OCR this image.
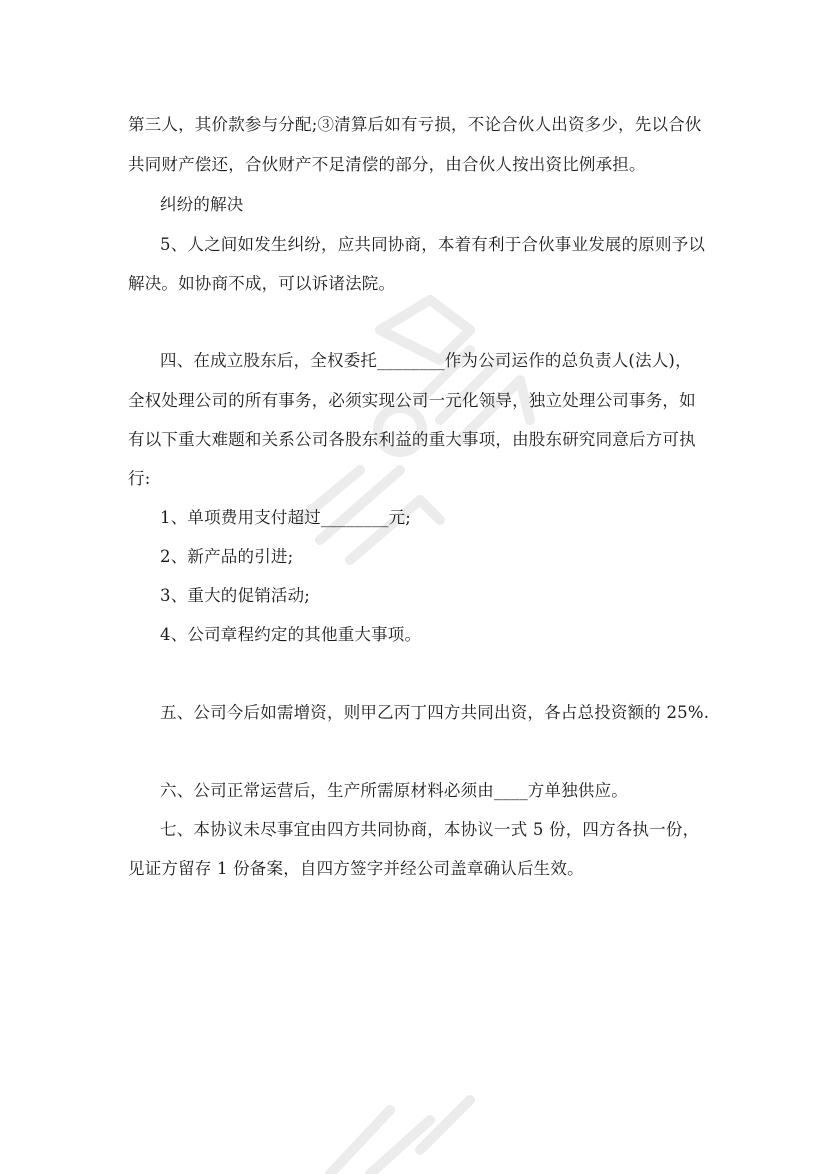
第三人，其价款参与分配;③清算后如有亏损，不论合伙人出资多少，先以合伙
共同财产偿还，合伙财产不足清偿的部分，由合伙人按出资比例承担。
纠纷的解决
5、人之间如发生纠纷，应共同协商，本着有利于合伙事业发展的原则予以
解决。如协商不成，可以诉诸法院。
四、在成立股东后，全权委托________作为公司运作的总负责人(法人)，
全权处理公司的所有事务，必须实现公司一元化领导，独立处理公司事务，如
有以下重大难题和关系公司各股东利益的重大事项，由股东研究同意后方可执
行:
1、单项费用支付超过________元;
2、新产品的引进;
3、重大的促销活动;
4、公司章程约定的其他重大事项。
五、公司今后如需增资，则甲乙丙丁四方共同出资，各占总投资额的 25%.
六、公司正常运营后，生产所需原材料必须由____方单独供应。
七、本协议未尽事宜由四方共同协商，本协议一式 5 份，四方各执一份，
见证方留存 1 份备案，自四方签字并经公司盖章确认后生效。
